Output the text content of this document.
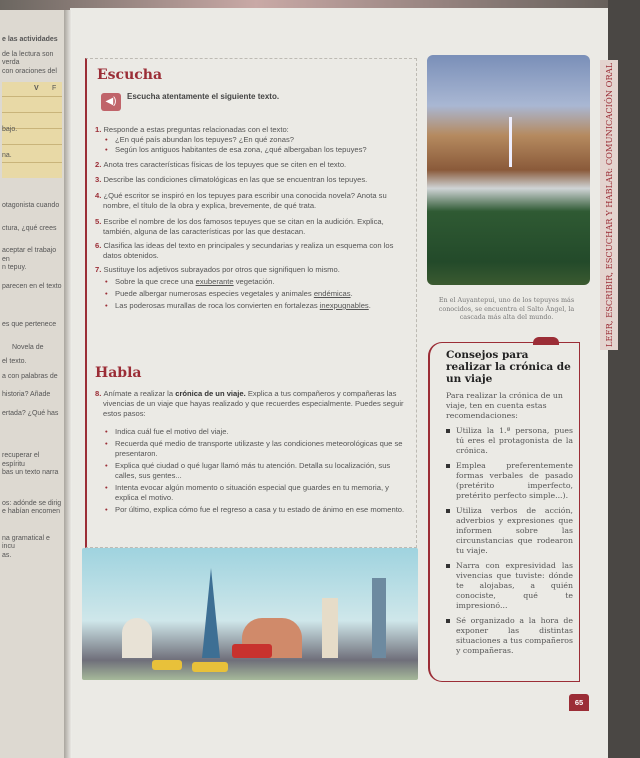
e las actividades
de la lectura son verda
con oraciones del
V F
bajo.
na.
otagonista cuando
ctura, ¿qué crees
aceptar el trabajo en
n tepuy.
parecen en el texto
es que pertenece
Novela de
el texto.
a con palabras de
historia? Añade
ertada? ¿Qué has
recuperar el espíritu
bas un texto narra
os: adónde se dirig
e habían encomen
na gramatical e incu
as.
Escucha
◀)	Escucha atentamente el siguiente texto.
1. Responde a estas preguntas relacionadas con el texto:
• ¿En qué país abundan los tepuyes? ¿En qué zonas?
• Según los antiguos habitantes de esa zona, ¿qué albergaban los tepuyes?
2. Anota tres características físicas de los tepuyes que se citen en el texto.
3. Describe las condiciones climatológicas en las que se encuentran los tepuyes.
4. ¿Qué escritor se inspiró en los tepuyes para escribir una conocida novela? Anota su nombre, el título de la obra y explica, brevemente, de qué trata.
5. Escribe el nombre de los dos famosos tepuyes que se citan en la audición. Explica, también, alguna de las características por las que destacan.
6. Clasifica las ideas del texto en principales y secundarias y realiza un esquema con los datos obtenidos.
7. Sustituye los adjetivos subrayados por otros que signifiquen lo mismo.
• Sobre la que crece una exuberante vegetación.
• Puede albergar numerosas especies vegetales y animales endémicas.
• Las poderosas murallas de roca los convierten en fortalezas inexpugnables.
Habla
8. Anímate a realizar la crónica de un viaje. Explica a tus compañeros y compañeras las vivencias de un viaje que hayas realizado y que recuerdes especialmente. Puedes seguir estos pasos:
• Indica cuál fue el motivo del viaje.
• Recuerda qué medio de transporte utilizaste y las condiciones meteorológicas que se presentaron.
• Explica qué ciudad o qué lugar llamó más tu atención. Detalla su localización, sus calles, sus gentes...
• Intenta evocar algún momento o situación especial que guardes en tu memoria, y explica el motivo.
• Por último, explica cómo fue el regreso a casa y tu estado de ánimo en ese momento.
En el Auyantepui, uno de los tepuyes más conocidos, se encuentra el Salto Ángel, la cascada más alta del mundo.
Consejos para realizar la crónica de un viaje
Para realizar la crónica de un viaje, ten en cuenta estas recomendaciones:
Utiliza la 1.ª persona, pues tú eres el protagonista de la crónica.
Emplea preferentemente formas verbales de pasado (pretérito imperfecto, pretérito perfecto simple...).
Utiliza verbos de acción, adverbios y expresiones que informen sobre las circunstancias que rodearon tu viaje.
Narra con expresividad las vivencias que tuviste: dónde te alojabas, a quién conociste, qué te impresionó...
Sé organizado a la hora de exponer las distintas situaciones a tus compañeros y compañeras.
LEER, ESCRIBIR, ESCUCHAR Y HABLAR: COMUNICACIÓN ORAL
65
